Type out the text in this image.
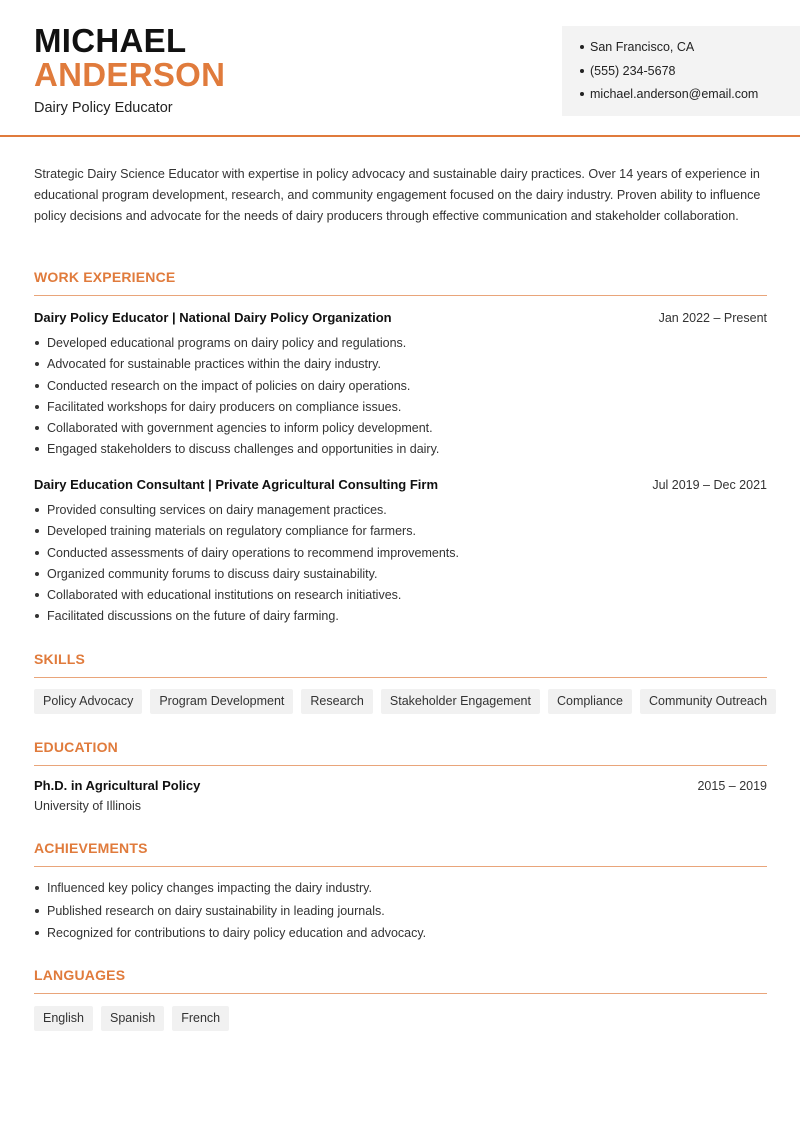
MICHAEL
ANDERSON
Dairy Policy Educator
San Francisco, CA
(555) 234-5678
michael.anderson@email.com

Strategic Dairy Science Educator with expertise in policy advocacy and sustainable dairy practices. Over 14 years of experience in educational program development, research, and community engagement focused on the dairy industry. Proven ability to influence policy decisions and advocate for the needs of dairy producers through effective communication and stakeholder collaboration.

WORK EXPERIENCE
Dairy Policy Educator | National Dairy Policy Organization	Jan 2022 – Present
Developed educational programs on dairy policy and regulations.
Advocated for sustainable practices within the dairy industry.
Conducted research on the impact of policies on dairy operations.
Facilitated workshops for dairy producers on compliance issues.
Collaborated with government agencies to inform policy development.
Engaged stakeholders to discuss challenges and opportunities in dairy.
Dairy Education Consultant | Private Agricultural Consulting Firm	Jul 2019 – Dec 2021
Provided consulting services on dairy management practices.
Developed training materials on regulatory compliance for farmers.
Conducted assessments of dairy operations to recommend improvements.
Organized community forums to discuss dairy sustainability.
Collaborated with educational institutions on research initiatives.
Facilitated discussions on the future of dairy farming.
SKILLS
Policy Advocacy	Program Development	Research	Stakeholder Engagement	Compliance	Community Outreach
EDUCATION
Ph.D. in Agricultural Policy	2015 – 2019
University of Illinois
ACHIEVEMENTS
Influenced key policy changes impacting the dairy industry.
Published research on dairy sustainability in leading journals.
Recognized for contributions to dairy policy education and advocacy.
LANGUAGES
English	Spanish	French
